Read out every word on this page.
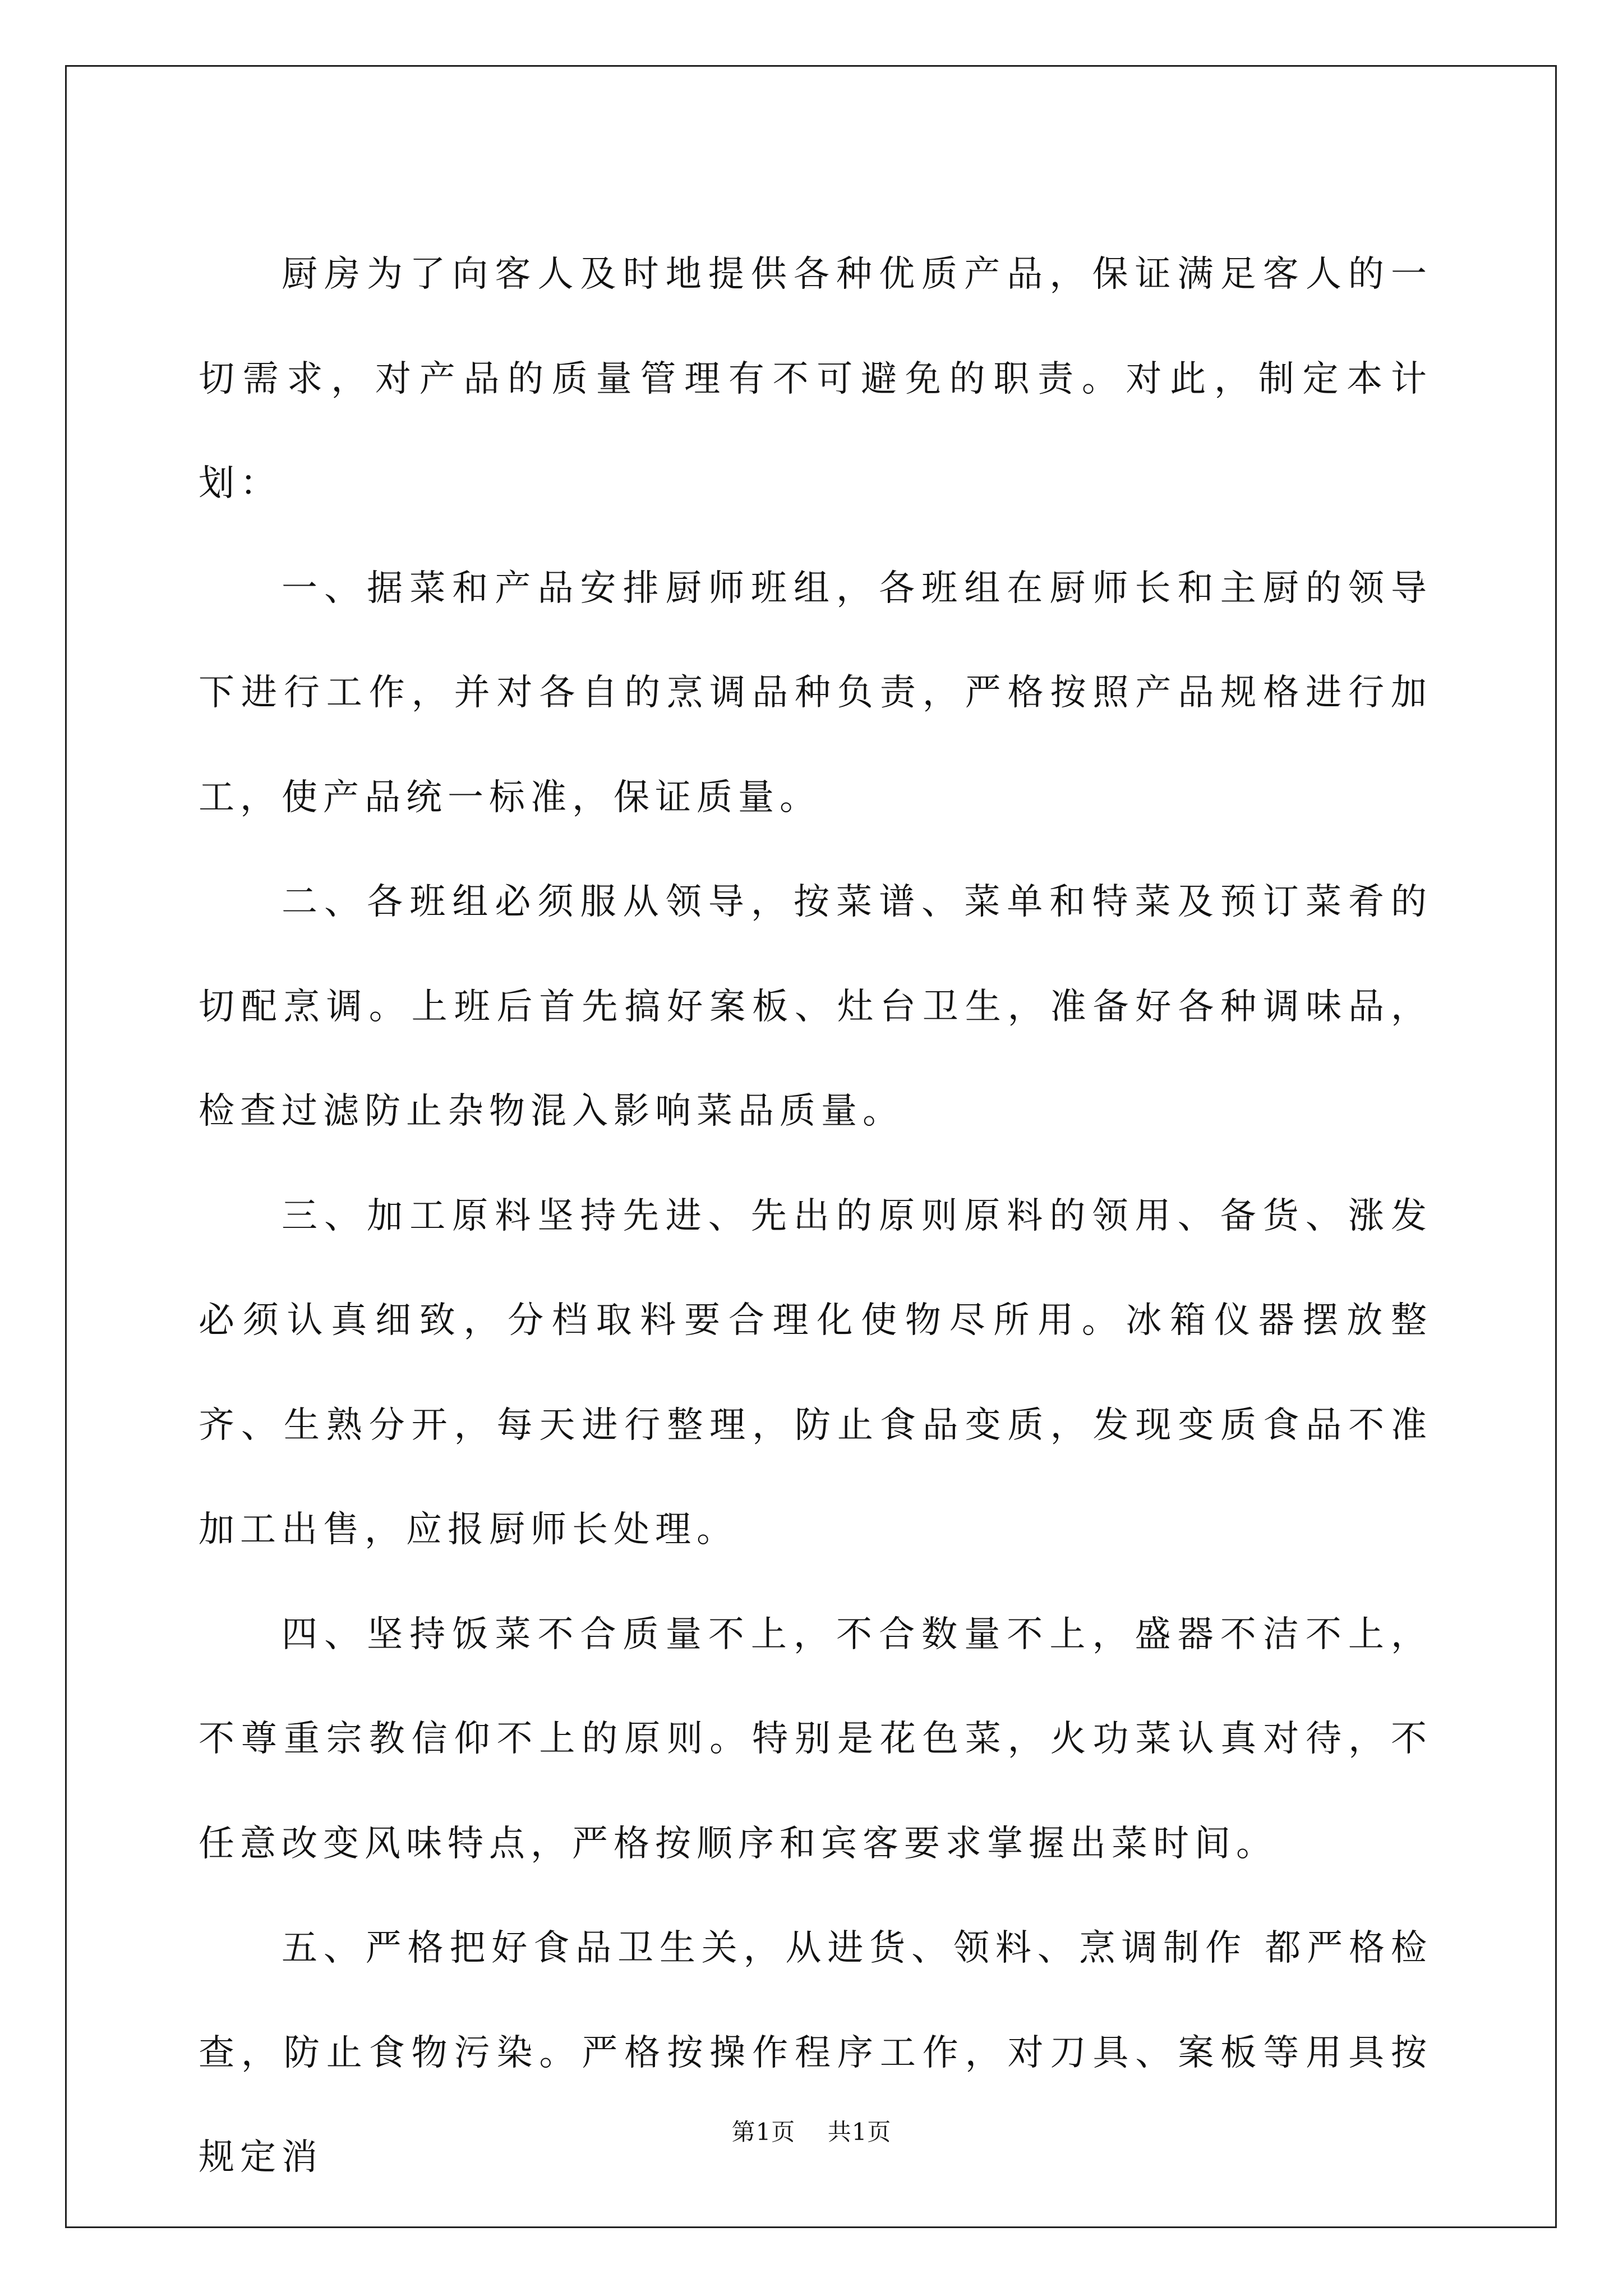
厨房为了向客人及时地提供各种优质产品，保证满足客人的一切需求，对产品的质量管理有不可避免的职责。对此，制定本计划：

一、据菜和产品安排厨师班组，各班组在厨师长和主厨的领导下进行工作，并对各自的烹调品种负责，严格按照产品规格进行加工，使产品统一标准，保证质量。

二、各班组必须服从领导，按菜谱、菜单和特菜及预订菜肴的切配烹调。上班后首先搞好案板、灶台卫生，准备好各种调味品，检查过滤防止杂物混入影响菜品质量。

三、加工原料坚持先进、先出的原则原料的领用、备货、涨发必须认真细致，分档取料要合理化使物尽所用。冰箱仪器摆放整齐、生熟分开，每天进行整理，防止食品变质，发现变质食品不准加工出售，应报厨师长处理。

四、坚持饭菜不合质量不上，不合数量不上，盛器不洁不上，不尊重宗教信仰不上的原则。特别是花色菜，火功菜认真对待，不任意改变风味特点，严格按顺序和宾客要求掌握出菜时间。

五、严格把好食品卫生关，从进货、领料、烹调制作 都严格检查，防止食物污染。严格按操作程序工作，对刀具、案板等用具按规定消

第1页 共1页
